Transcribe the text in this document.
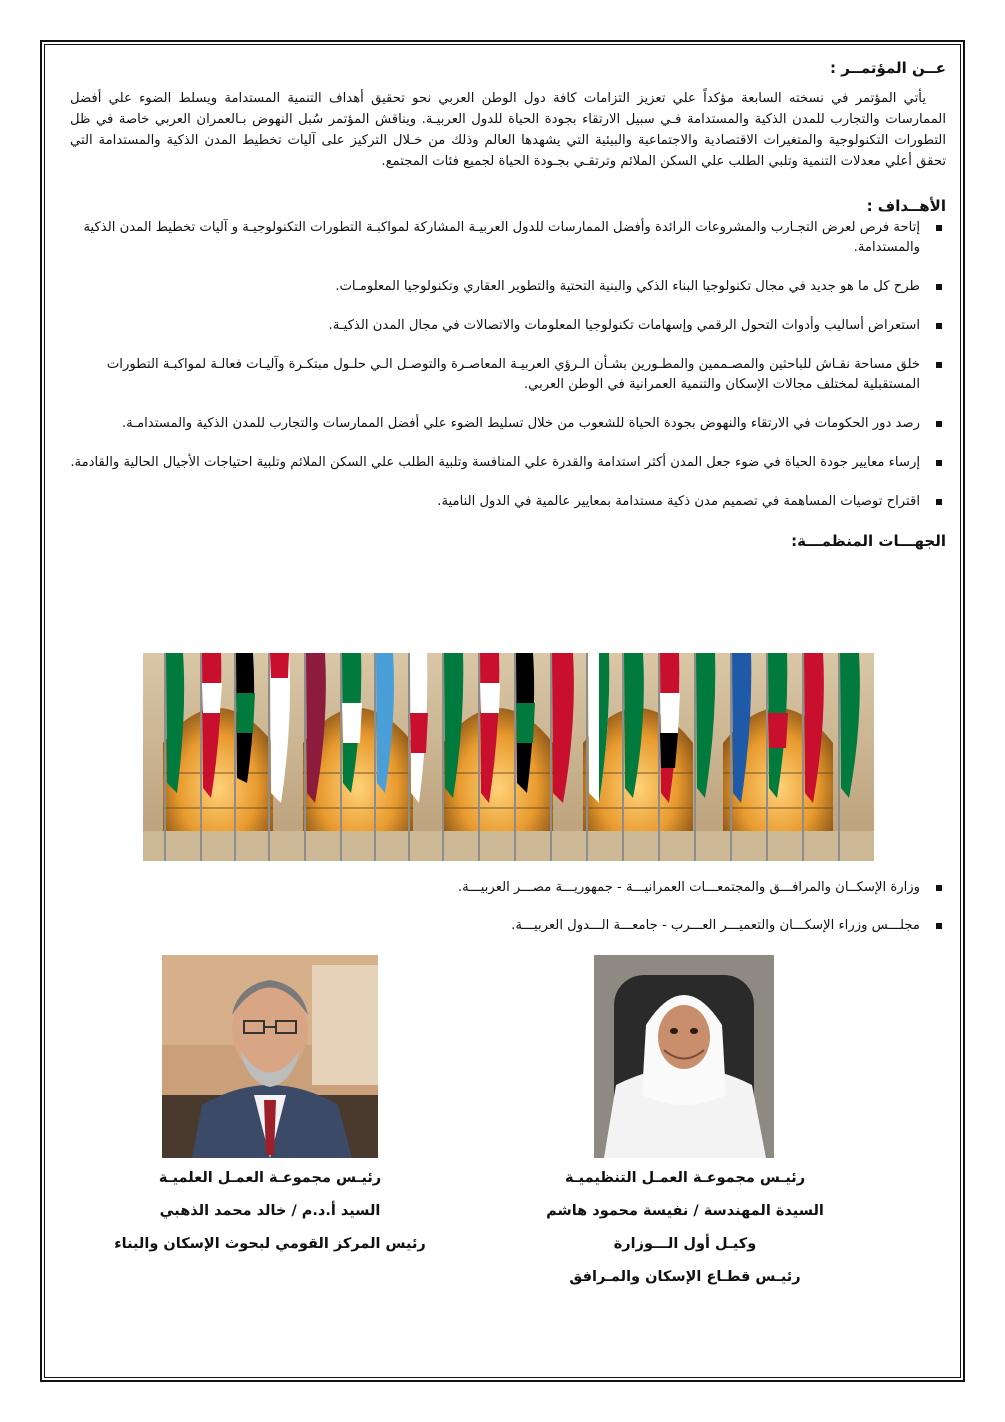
عــن المؤتمــر :

يأتي المؤتمر في نسخته السابعة مؤكداً علي تعزيز التزامات كافة دول الوطن العربي نحو تحقيق أهداف التنمية المستدامة ويسلط الضوء علي أفضل الممارسات والتجارب للمدن الذكية والمستدامة فـي سبيل الارتقاء بجودة الحياة للدول العربيـة. ويناقش المؤتمر سُبل النهوض بـالعمران العربي خاصة في ظل التطورات التكنولوجية والمتغيرات الاقتصادية والاجتماعية والبيئية التي يشهدها العالم وذلك من خـلال التركيز على آليات تخطيط المدن الذكية والمستدامة التي تحقق أعلي معدلات التنمية وتلبي الطلب علي السكن الملائم وترتقـي بجـودة الحياة لجميع فئات المجتمع.

الأهــداف :
إتاحة فرص لعرض التجـارب والمشروعات الرائدة وأفضل الممارسات للدول العربيـة المشاركة لمواكبـة التطورات التكنولوجيـة و آليات تخطيط المدن الذكية والمستدامة.
طرح كل ما هو جديد في مجال تكنولوجيا البناء الذكي والبنية التحتية والتطوير العقاري وتكنولوجيا المعلومـات.
استعراض أساليب وأدوات التحول الرقمي وإسهامات تكنولوجيا المعلومات والاتصالات في مجال المدن الذكيـة.
خلق مساحة نقـاش للباحثين والمصـممين والمطـورين بشـأن الـرؤي العربيـة المعاصـرة والتوصـل الـي حلـول مبتكـرة وآليـات فعالـة لمواكبـة التطورات المستقبلية لمختلف مجالات الإسكان والتنمية العمرانية في الوطن العربي.
رصد دور الحكومات في الارتقاء والنهوض بجودة الحياة للشعوب من خلال تسليط الضوء علي أفضل الممارسات والتجارب للمدن الذكية والمستدامـة.
إرساء معايير جودة الحياة في ضوء جعل المدن أكثر استدامة والقدرة علي المنافسة وتلبية الطلب علي السكن الملائم وتلبية احتياجات الأجيال الحالية والقادمة.
اقتراح توصيات المساهمة في تصميم مدن ذكية مستدامة بمعايير عالمية في الدول النامية.
الجهـــات المنظمـــة:
وزارة الإسكــان والمرافـــق والمجتمعـــات العمرانيـــة - جمهوريـــة مصـــر العربيـــة.
مجلـــس وزراء الإسكـــان والتعميـــر العـــرب - جامعـــة الـــدول العربيـــة.
رئيـس مجموعـة العمـل التنظيميـة
السيدة المهندسة / نفيسة محمود هاشم
وكيـل أول الـــوزارة
رئيـس قطـاع الإسكان والمـرافق
رئيـس مجموعـة العمـل العلميـة
السيد أ.د.م / خالد محمد الذهبي
رئيس المركز القومي لبحوث الإسكان والبناء
